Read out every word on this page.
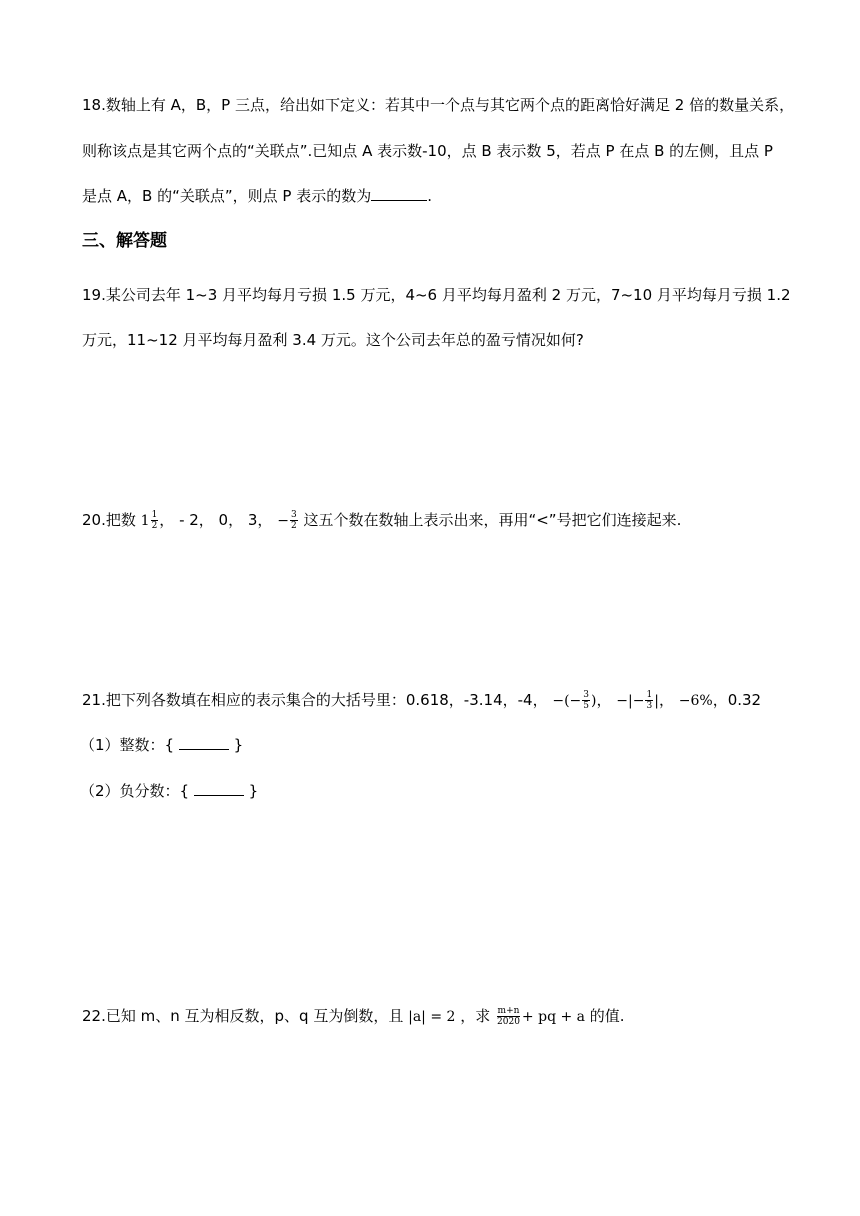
18.数轴上有 A，B，P 三点，给出如下定义：若其中一个点与其它两个点的距离恰好满足 2 倍的数量关系，
则称该点是其它两个点的“关联点”.已知点 A 表示数-10，点 B 表示数 5，若点 P 在点 B 的左侧，且点 P
是点 A，B 的“关联点”，则点 P 表示的数为	.
三、解答题
19.某公司去年 1~3 月平均每月亏损 1.5 万元，4~6 月平均每月盈利 2 万元，7~10 月平均每月亏损 1.2
万元，11~12 月平均每月盈利 3.4 万元。这个公司去年总的盈亏情况如何?
20.把数 $1 \frac{1}{2}$ ， - 2， 0， 3， − $\frac{3}{2}$ 这五个数在数轴上表示出来，再用“<”号把它们连接起来.
21.把下列各数填在相应的表示集合的大括号里：0.618，-3.14，-4， −(− $\frac{3}{5}$ )， −|− $\frac{1}{3}$ |， −6%，0.32
（1）整数：{	}
（2）负分数：{	}
22.已知 m、n 互为相反数，p、q 互为倒数，且 |a| = 2 ，求 $\frac{m+n}{2020}$ + pq + a 的值.
